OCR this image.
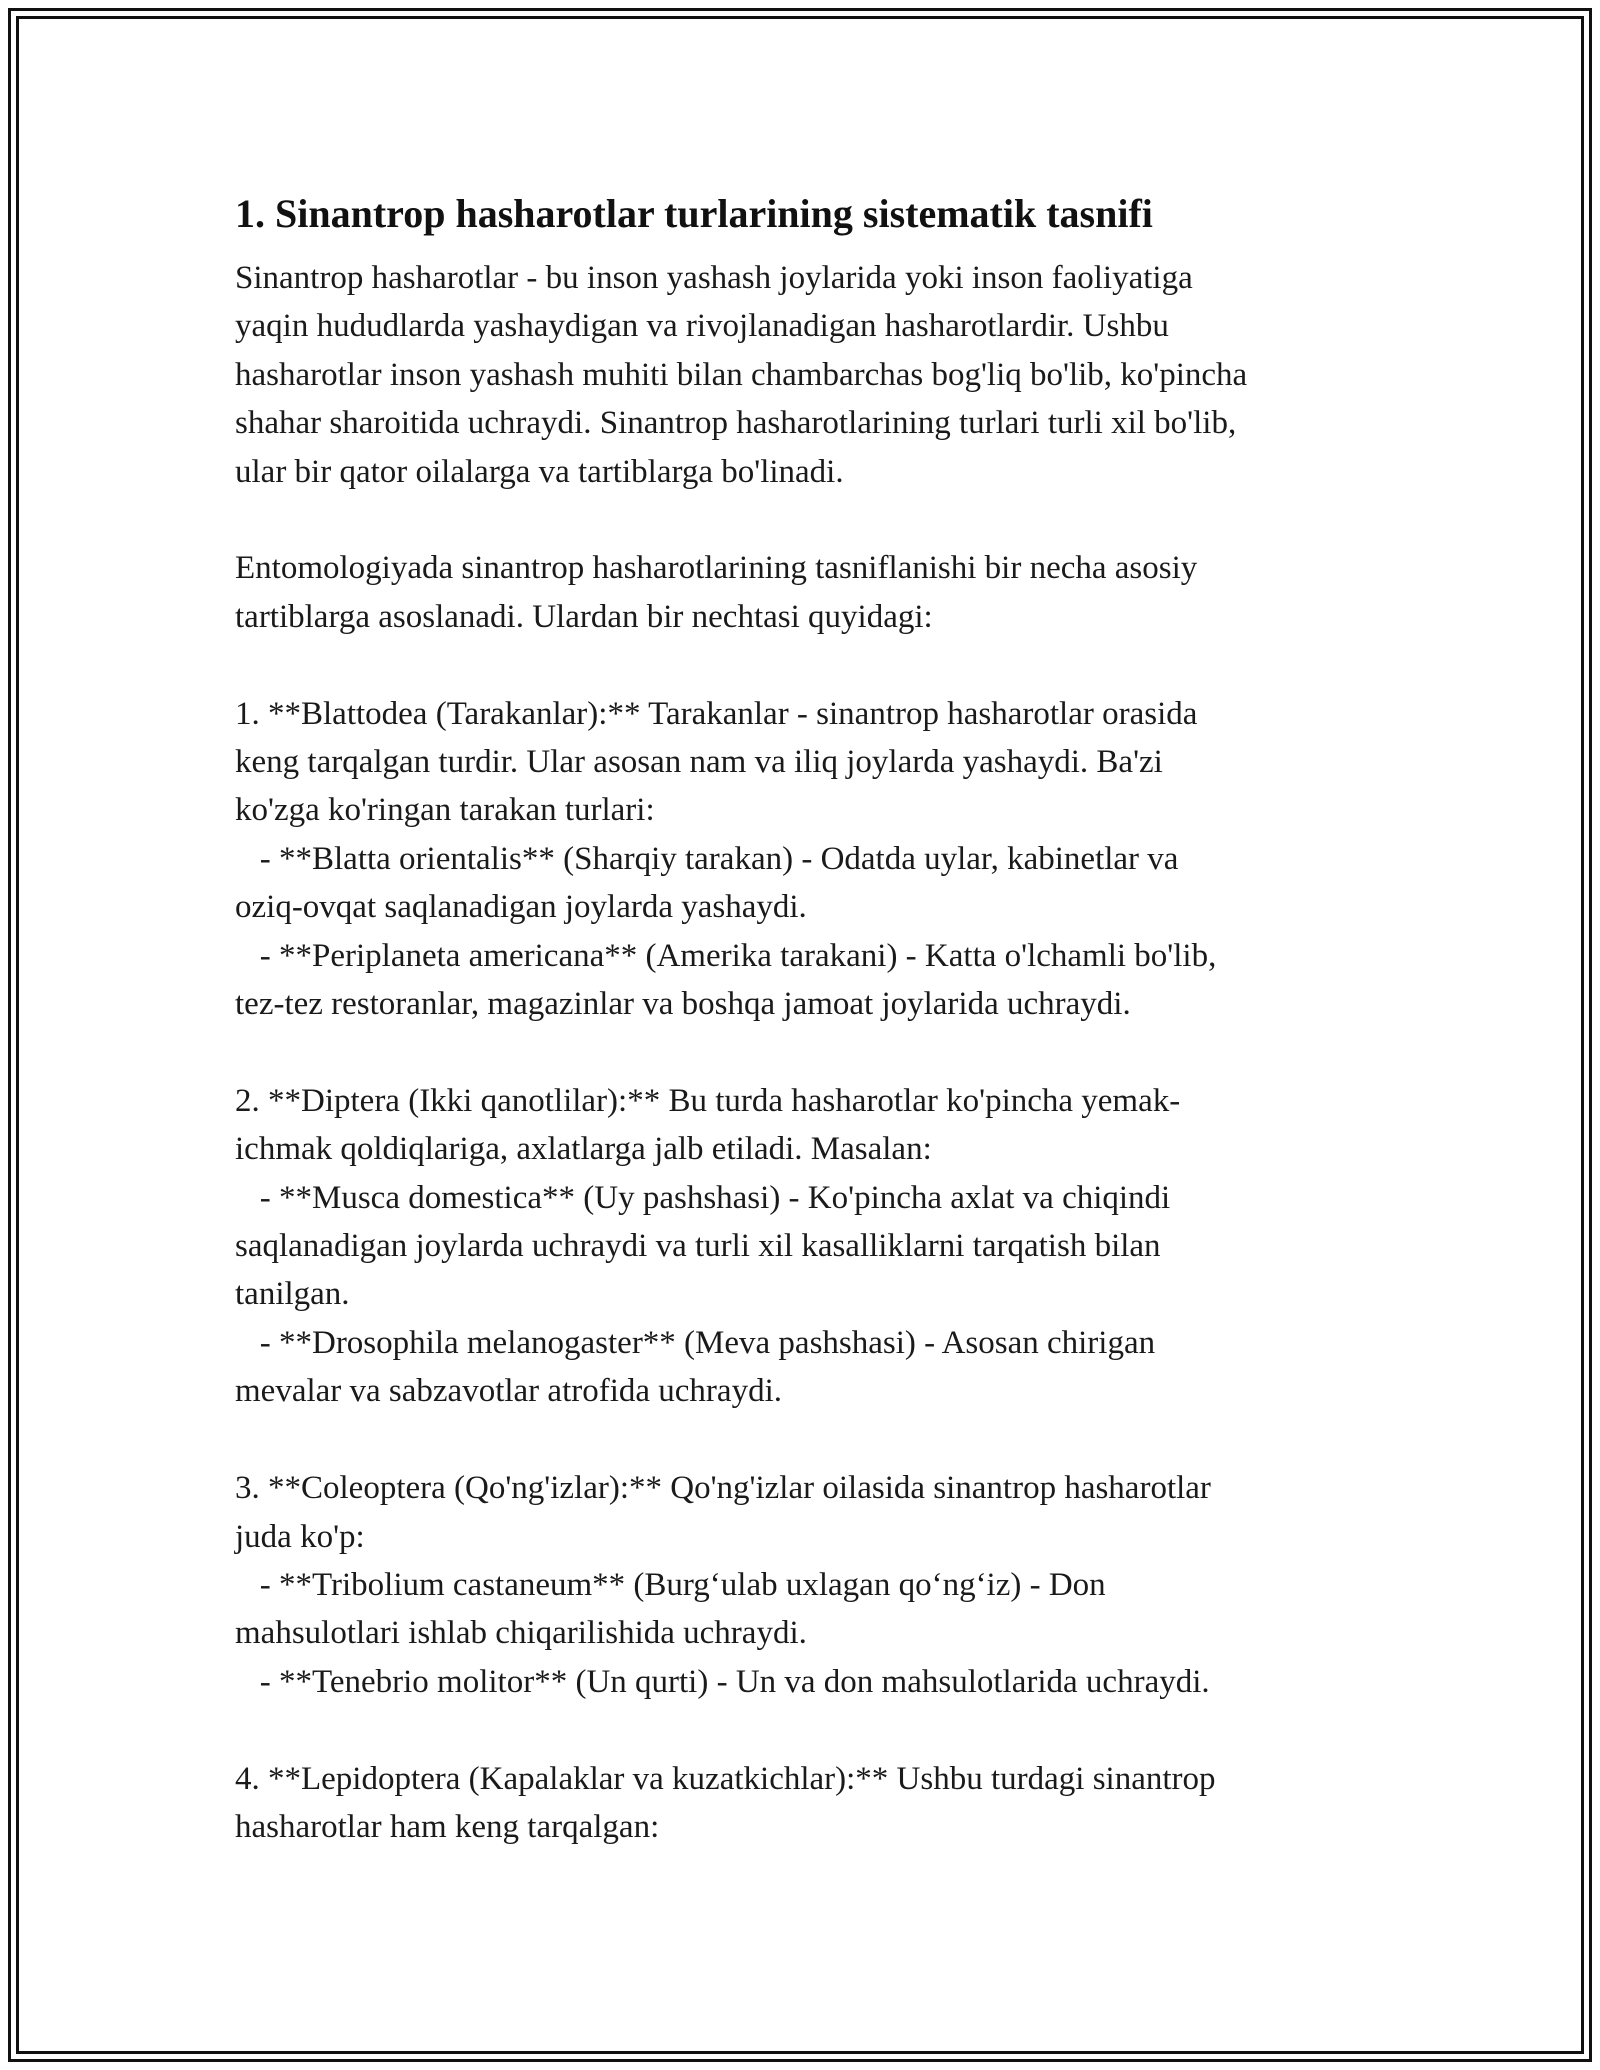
1. Sinantrop hasharotlar turlarining sistematik tasnifi
Sinantrop hasharotlar - bu inson yashash joylarida yoki inson faoliyatiga
yaqin hududlarda yashaydigan va rivojlanadigan hasharotlardir. Ushbu
hasharotlar inson yashash muhiti bilan chambarchas bog'liq bo'lib, ko'pincha
shahar sharoitida uchraydi. Sinantrop hasharotlarining turlari turli xil bo'lib,
ular bir qator oilalarga va tartiblarga bo'linadi.
Entomologiyada sinantrop hasharotlarining tasniflanishi bir necha asosiy
tartiblarga asoslanadi. Ulardan bir nechtasi quyidagi:
1. **Blattodea (Tarakanlar):** Tarakanlar - sinantrop hasharotlar orasida
keng tarqalgan turdir. Ular asosan nam va iliq joylarda yashaydi. Ba'zi
ko'zga ko'ringan tarakan turlari:
- **Blatta orientalis** (Sharqiy tarakan) - Odatda uylar, kabinetlar va
oziq-ovqat saqlanadigan joylarda yashaydi.
- **Periplaneta americana** (Amerika tarakani) - Katta o'lchamli bo'lib,
tez-tez restoranlar, magazinlar va boshqa jamoat joylarida uchraydi.
2. **Diptera (Ikki qanotlilar):** Bu turda hasharotlar ko'pincha yemak-
ichmak qoldiqlariga, axlatlarga jalb etiladi. Masalan:
- **Musca domestica** (Uy pashshasi) - Ko'pincha axlat va chiqindi
saqlanadigan joylarda uchraydi va turli xil kasalliklarni tarqatish bilan
tanilgan.
- **Drosophila melanogaster** (Meva pashshasi) - Asosan chirigan
mevalar va sabzavotlar atrofida uchraydi.
3. **Coleoptera (Qo'ng'izlar):** Qo'ng'izlar oilasida sinantrop hasharotlar
juda ko'p:
- **Tribolium castaneum** (Burg‘ulab uxlagan qo‘ng‘iz) - Don
mahsulotlari ishlab chiqarilishida uchraydi.
- **Tenebrio molitor** (Un qurti) - Un va don mahsulotlarida uchraydi.
4. **Lepidoptera (Kapalaklar va kuzatkichlar):** Ushbu turdagi sinantrop
hasharotlar ham keng tarqalgan:
